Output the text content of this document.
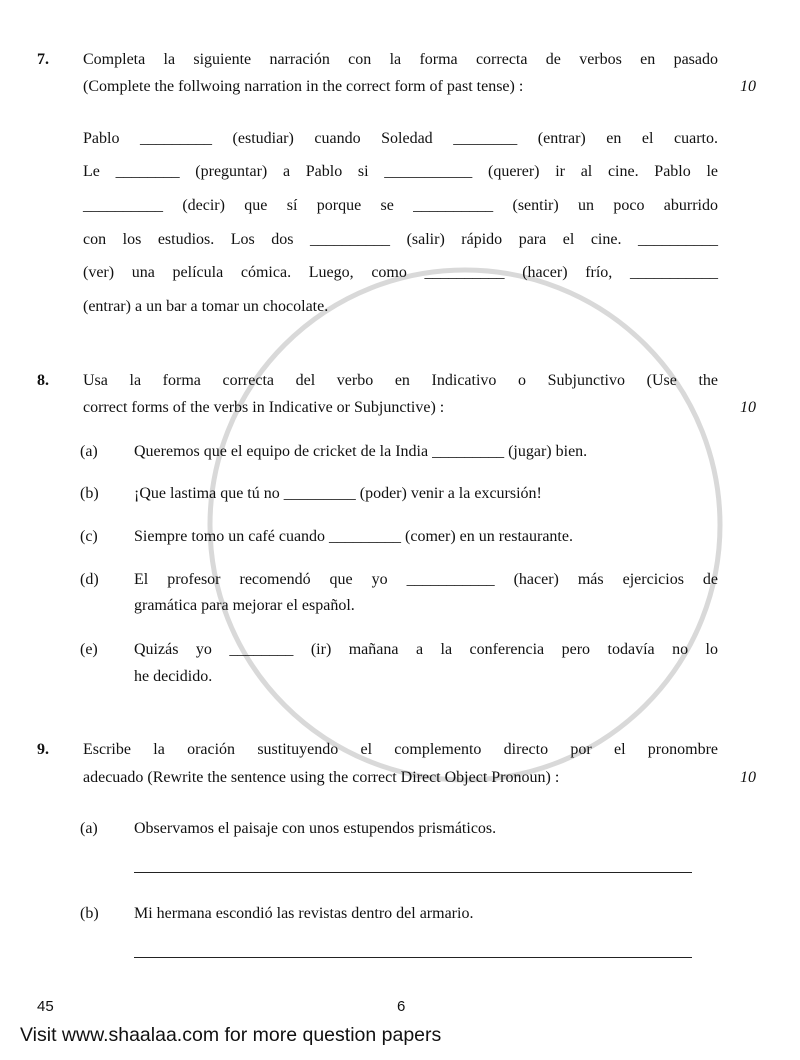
7. Completa la siguiente narración con la forma correcta de verbos en pasado
(Complete the follwoing narration in the correct form of past tense) :	10
Pablo _________ (estudiar) cuando Soledad ________ (entrar) en el cuarto.
Le ________ (preguntar) a Pablo si ___________ (querer) ir al cine. Pablo le
__________ (decir) que sí porque se __________ (sentir) un poco aburrido
con los estudios. Los dos __________ (salir) rápido para el cine. __________
(ver) una película cómica. Luego, como __________ (hacer) frío, ___________
(entrar) a un bar a tomar un chocolate.
8. Usa la forma correcta del verbo en Indicativo o Subjunctivo (Use the
correct forms of the verbs in Indicative or Subjunctive) :	10
(a) Queremos que el equipo de cricket de la India _________ (jugar) bien.
(b) ¡Que lastima que tú no _________ (poder) venir a la excursión!
(c) Siempre tomo un café cuando _________ (comer) en un restaurante.
(d) El profesor recomendó que yo ___________ (hacer) más ejercicios de
gramática para mejorar el español.
(e) Quizás yo ________ (ir) mañana a la conferencia pero todavía no lo
he decidido.
9. Escribe la oración sustituyendo el complemento directo por el pronombre
adecuado (Rewrite the sentence using the correct Direct Object Pronoun) :	10
(a) Observamos el paisaje con unos estupendos prismáticos.
(b) Mi hermana escondió las revistas dentro del armario.
45	6
Visit www.shaalaa.com for more question papers
